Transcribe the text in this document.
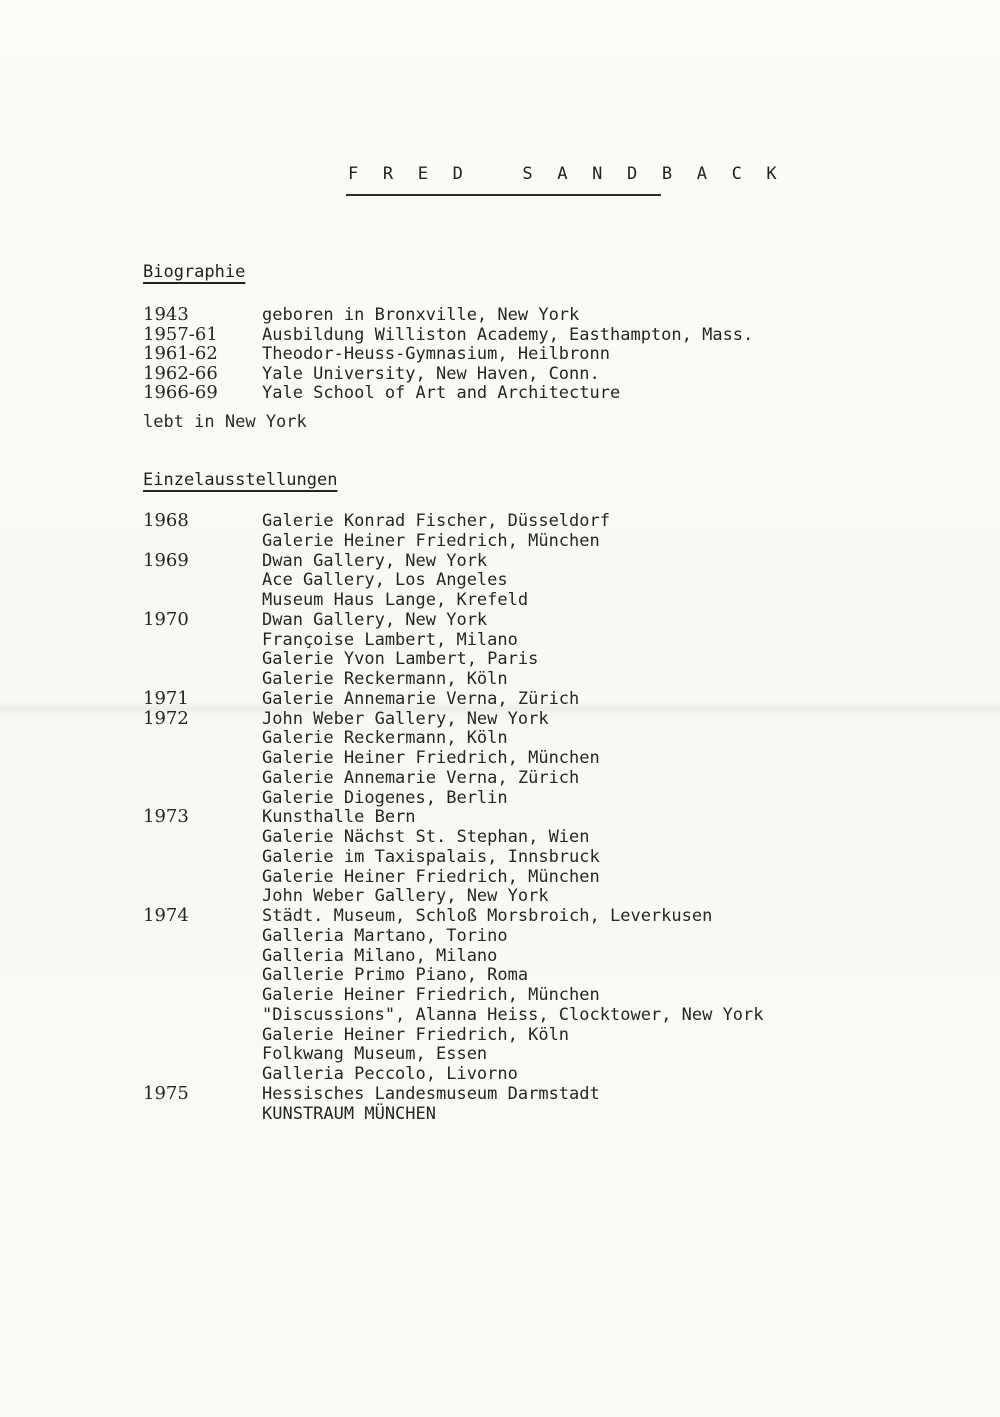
F R E D   S A N D B A C K
Biographie
1943	geboren in Bronxville, New York
1957-61	Ausbildung Williston Academy, Easthampton, Mass.
1961-62	Theodor-Heuss-Gymnasium, Heilbronn
1962-66	Yale University, New Haven, Conn.
1966-69	Yale School of Art and Architecture
lebt in New York
Einzelausstellungen
1968	Galerie Konrad Fischer, Düsseldorf
Galerie Heiner Friedrich, München
1969	Dwan Gallery, New York
Ace Gallery, Los Angeles
Museum Haus Lange, Krefeld
1970	Dwan Gallery, New York
Françoise Lambert, Milano
Galerie Yvon Lambert, Paris
Galerie Reckermann, Köln
1971	Galerie Annemarie Verna, Zürich
1972	John Weber Gallery, New York
Galerie Reckermann, Köln
Galerie Heiner Friedrich, München
Galerie Annemarie Verna, Zürich
Galerie Diogenes, Berlin
1973	Kunsthalle Bern
Galerie Nächst St. Stephan, Wien
Galerie im Taxispalais, Innsbruck
Galerie Heiner Friedrich, München
John Weber Gallery, New York
1974	Städt. Museum, Schloß Morsbroich, Leverkusen
Galleria Martano, Torino
Galleria Milano, Milano
Gallerie Primo Piano, Roma
Galerie Heiner Friedrich, München
"Discussions", Alanna Heiss, Clocktower, New York
Galerie Heiner Friedrich, Köln
Folkwang Museum, Essen
Galleria Peccolo, Livorno
1975	Hessisches Landesmuseum Darmstadt
KUNSTRAUM MÜNCHEN
